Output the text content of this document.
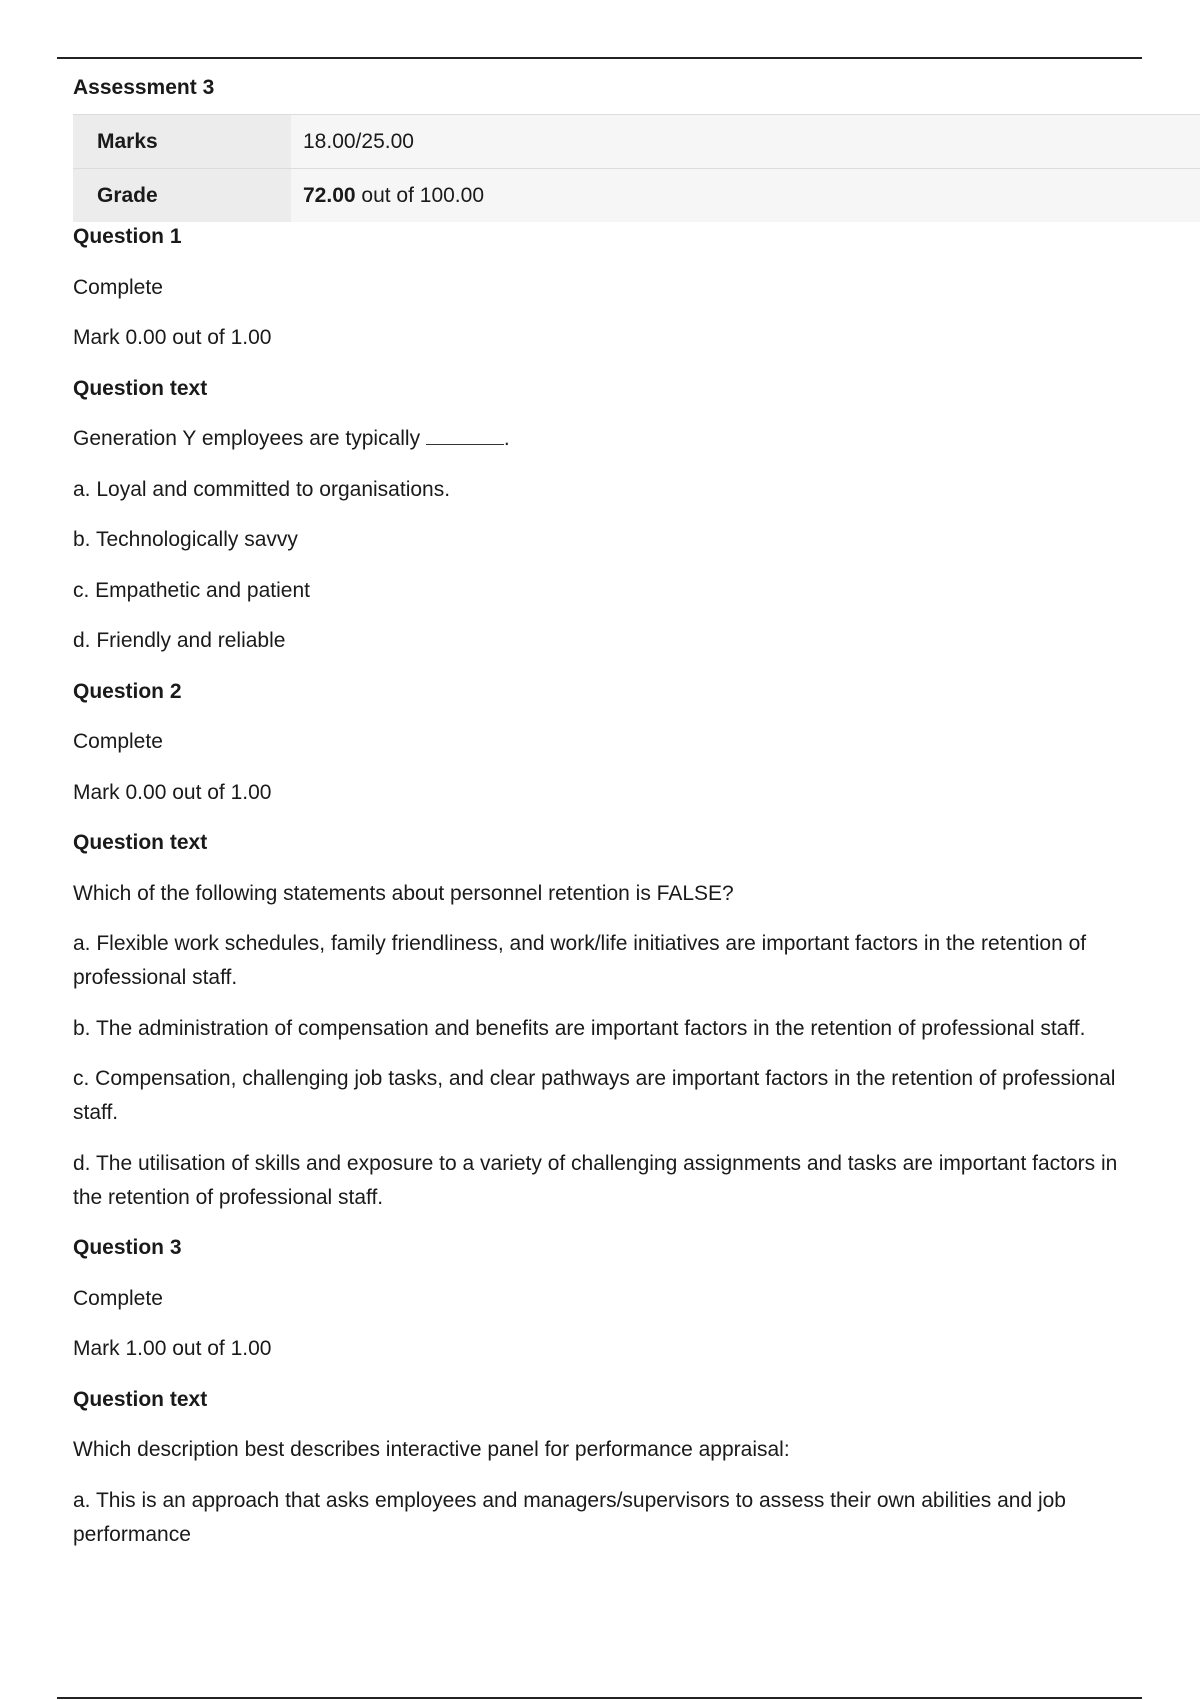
Assessment 3
Marks	18.00/25.00
Grade	72.00 out of 100.00
Question 1
Complete
Mark 0.00 out of 1.00
Question text
Generation Y employees are typically	.
a. Loyal and committed to organisations.
b. Technologically savvy
c. Empathetic and patient
d. Friendly and reliable
Question 2
Complete
Mark 0.00 out of 1.00
Question text
Which of the following statements about personnel retention is FALSE?
a. Flexible work schedules, family friendliness, and work/life initiatives are important factors in the retention of professional staff.
b. The administration of compensation and benefits are important factors in the retention of professional staff.
c. Compensation, challenging job tasks, and clear pathways are important factors in the retention of professional staff.
d. The utilisation of skills and exposure to a variety of challenging assignments and tasks are important factors in the retention of professional staff.
Question 3
Complete
Mark 1.00 out of 1.00
Question text
Which description best describes interactive panel for performance appraisal:
a. This is an approach that asks employees and managers/supervisors to assess their own abilities and job performance
